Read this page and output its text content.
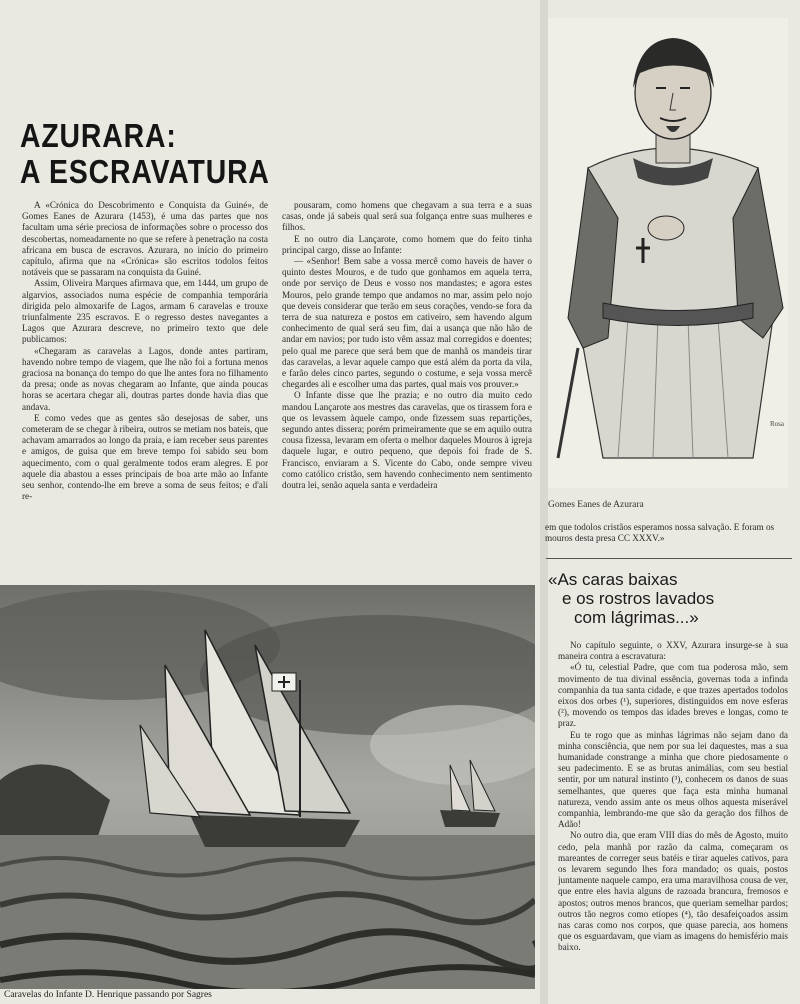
AZURARA:
A ESCRAVATURA

A «Crónica do Descobrimento e Conquista da Guiné», de Gomes Eanes de Azurara (1453), é uma das partes que nos facultam uma série preciosa de informações sobre o processo dos descobertas, nomeadamente no que se refere à penetração na costa africana em busca de escravos. Azurara, no início do primeiro capítulo, afirma que na «Crónica» são escritos todolos feitos notáveis que se passaram na conquista da Guiné.

Assim, Oliveira Marques afirmava que, em 1444, um grupo de algarvios, associados numa espécie de companhia temporária dirigida pelo almoxarife de Lagos, armam 6 caravelas e trouxe triunfalmente 235 escravos. E o regresso destes navegantes a Lagos que Azurara descreve, no primeiro texto que dele publicamos:

«Chegaram as caravelas a Lagos, donde antes partiram, havendo nobre tempo de viagem, que lhe não foi a fortuna menos graciosa na bonança do tempo do que lhe antes fora no filhamento da presa; onde as novas chegaram ao Infante, que ainda poucas horas se acertara chegar ali, doutras partes donde havia dias que andava.

E como vedes que as gentes são desejosas de saber, uns cometeram de se chegar à ribeira, outros se metiam nos bateis, que achavam amarrados ao longo da praia, e iam receber seus parentes e amigos, de guisa que em breve tempo foi sabido seu bom aquecimento, com o qual geralmente todos eram alegres. E por aquele dia abastou a esses principais de boa arte mão ao Infante seu senhor, contendo-lhe em breve a soma de seus feitos; e d'ali re-

pousaram, como homens que chegavam a sua terra e a suas casas, onde já sabeis qual será sua folgança entre suas mulheres e filhos.

E no outro dia Lançarote, como homem que do feito tinha principal cargo, disse ao Infante:

— «Senhor! Bem sabe a vossa mercê como haveis de haver o quinto destes Mouros, e de tudo que gonhamos em aquela terra, onde por serviço de Deus e vosso nos mandastes; e agora estes Mouros, pelo grande tempo que andamos no mar, assim pelo nojo que deveis considerar que terão em seus corações, vendo-se fora da terra de sua natureza e postos em cativeiro, sem havendo algum conhecimento de qual será seu fim, dai a usança que não hão de andar em navios; por tudo isto vêm assaz mal corregidos e doentes; pelo qual me parece que será bem que de manhã os mandeis tirar das caravelas, a levar aquele campo que está além da porta da vila, e farão deles cinco partes, segundo o costume, e seja vossa mercê chegardes ali e escolher uma das partes, qual mais vos prouver.»

O Infante disse que lhe prazia; e no outro dia muito cedo mandou Lançarote aos mestres das caravelas, que os tirassem fora e que os levassem àquele campo, onde fizessem suas repartições, segundo antes dissera; porém primeiramente que se em aquilo outra cousa fizessa, levaram em oferta o melhor daqueles Mouros à igreja daquele lugar, e outro pequeno, que depois foi frade de S. Francisco, enviaram a S. Vicente do Cabo, onde sempre viveu como católico cristão, sem havendo conhecimento nem sentimento doutra lei, senão aquela santa e verdadeira

Rosa
Gomes Eanes de Azurara
em que todolos cristãos esperamos nossa salvação. E foram os mouros desta presa CC XXXV.»
«As caras baixas
e os rostros lavados
com lágrimas...»

No capítulo seguinte, o XXV, Azurara insurge-se à sua maneira contra a escravatura:

«Ó tu, celestial Padre, que com tua poderosa mão, sem movimento de tua divinal essência, governas toda a infinda companhia da tua santa cidade, e que trazes apertados todolos eixos dos orbes (¹), superiores, distinguidos em nove esferas (²), movendo os tempos das idades breves e longas, como te praz.

Eu te rogo que as minhas lágrimas não sejam dano da minha consciência, que nem por sua lei daquestes, mas a sua humanidade constrange a minha que chore piedosamente o seu padecimento. E se as brutas animálias, com seu bestial sentir, por um natural instinto (³), conhecem os danos de suas semelhantes, que queres que faça esta minha humanal natureza, vendo assim ante os meus olhos aquesta miserável companhia, lembrando-me que são da geração dos filhos de Adão!

No outro dia, que eram VIII dias do mês de Agosto, muito cedo, pela manhã por razão da calma, começaram os mareantes de correger seus batéis e tirar aqueles cativos, para os levarem segundo lhes fora mandado; os quais, postos juntamente naquele campo, era uma maravilhosa cousa de ver, que entre eles havia alguns de razoada brancura, fremosos e apostos; outros menos brancos, que queriam semelhar pardos; outros tão negros como etíopes (⁴), tão desafeiçoados assim nas caras como nos corpos, que quase parecia, aos homens que os esguardavam, que viam as imagens do hemisfério mais baixo.

Caravelas do Infante D. Henrique passando por Sagres
